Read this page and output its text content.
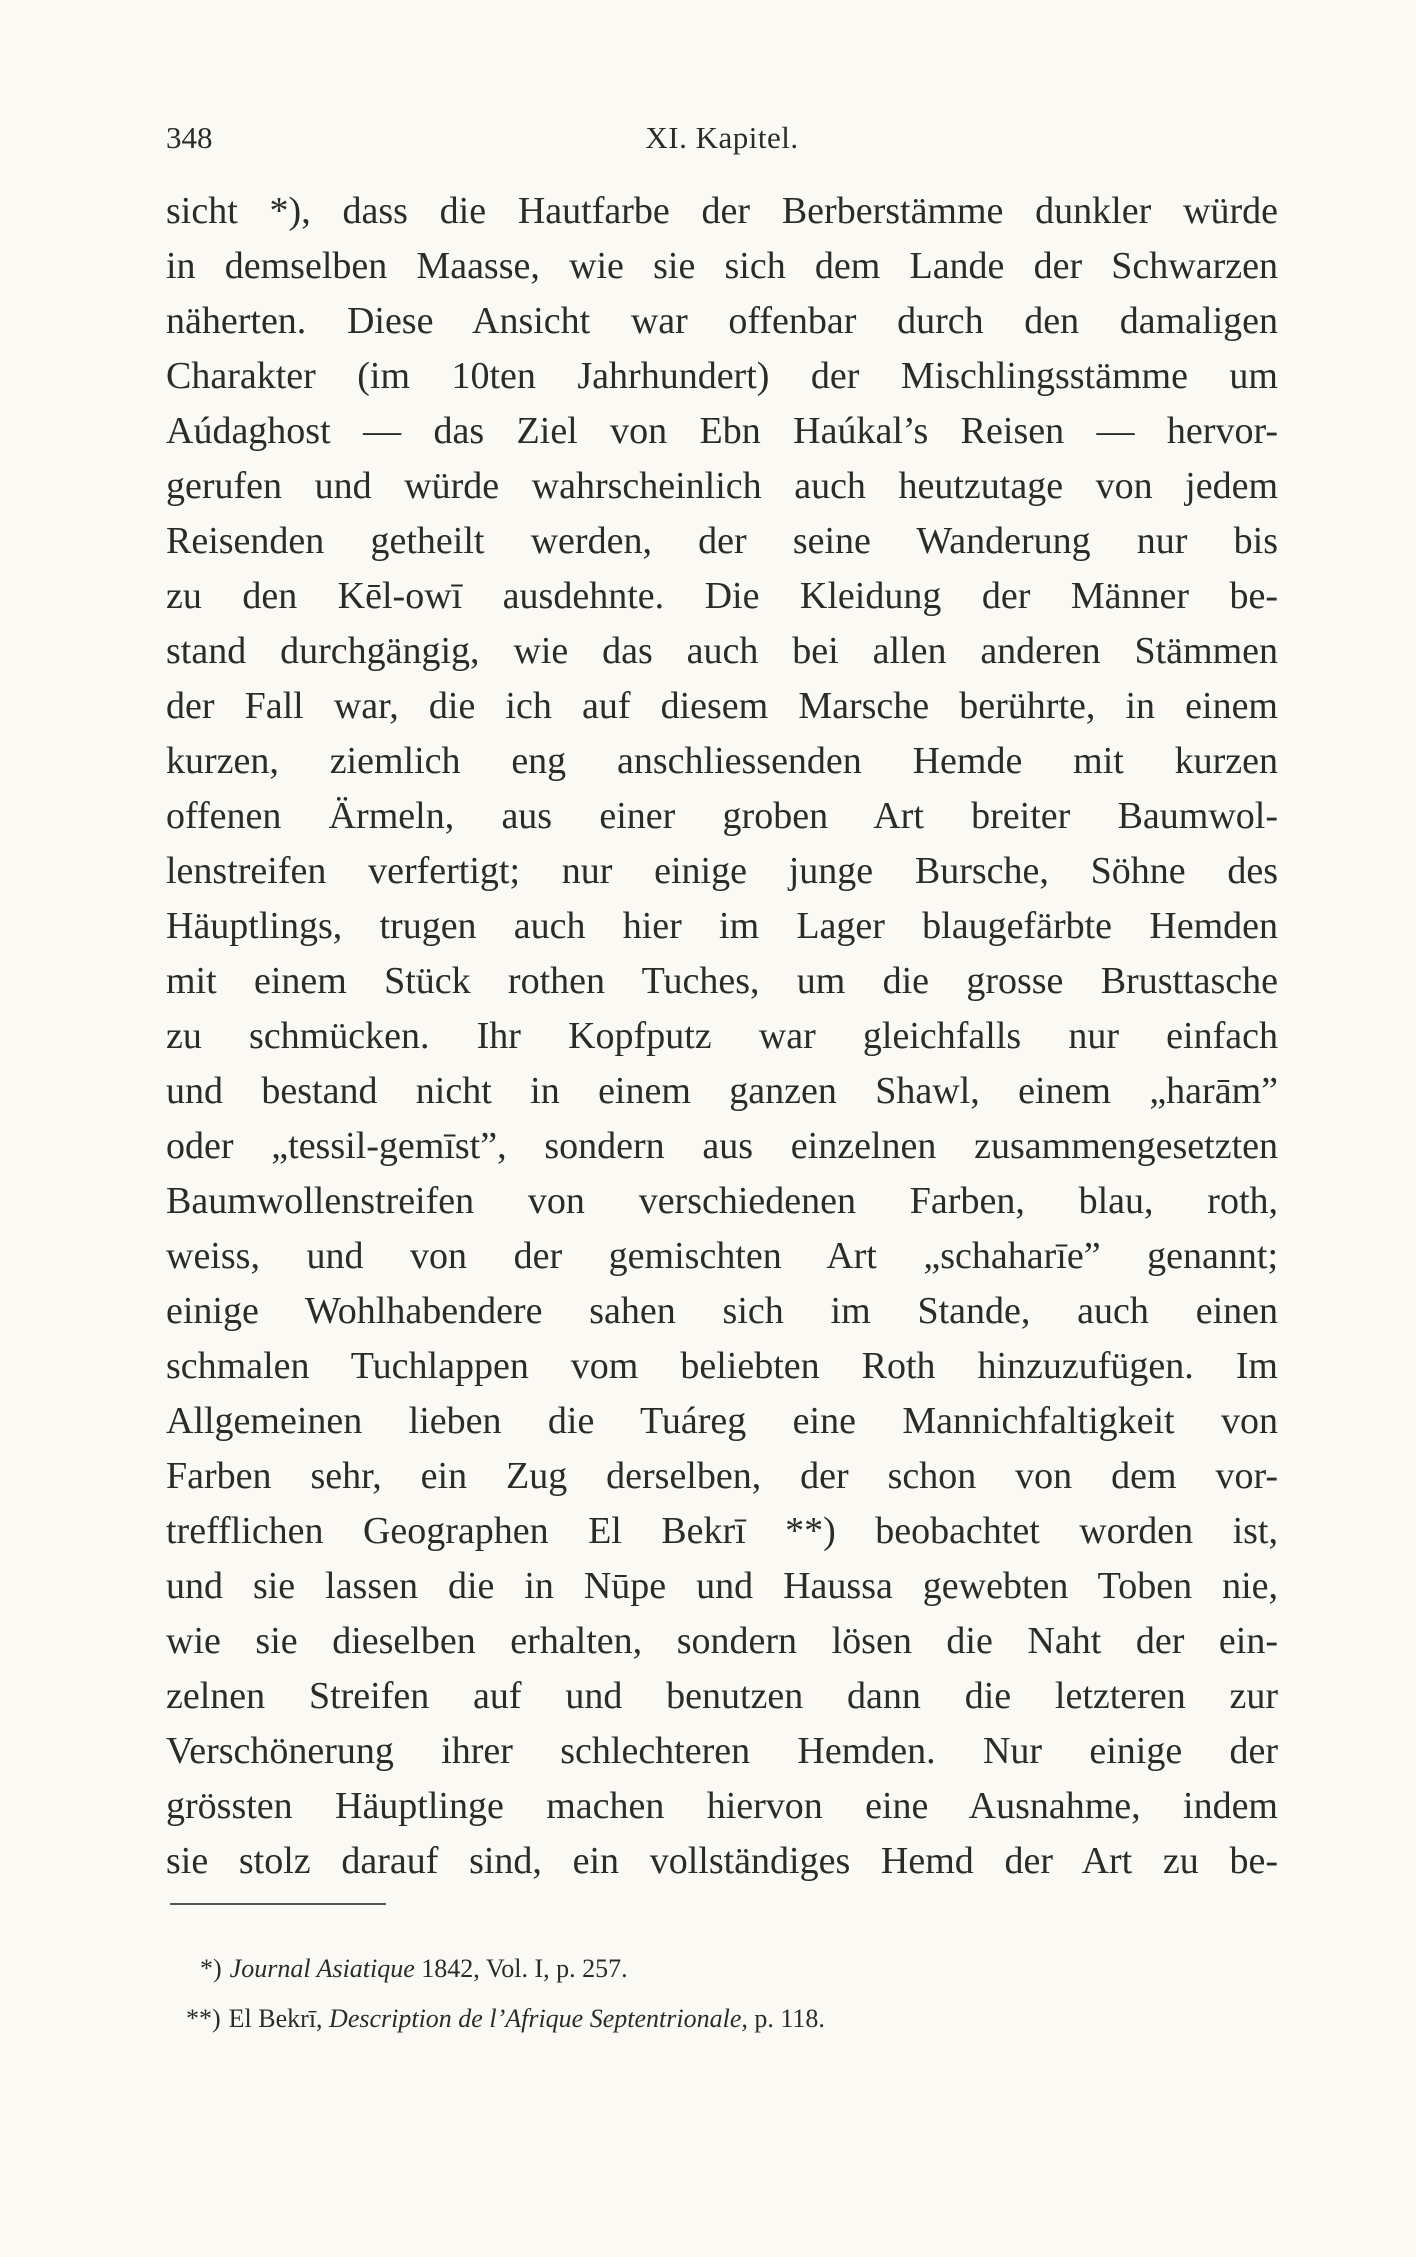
348	XI. Kapitel.
sicht *), dass die Hautfarbe der Berberstämme dunkler würde
in demselben Maasse, wie sie sich dem Lande der Schwarzen
näherten. Diese Ansicht war offenbar durch den damaligen
Charakter (im 10ten Jahrhundert) der Mischlingsstämme um
Aúdaghost — das Ziel von Ebn Haúkal’s Reisen — hervor-
gerufen und würde wahrscheinlich auch heutzutage von jedem
Reisenden getheilt werden, der seine Wanderung nur bis
zu den Kēl-owī ausdehnte. Die Kleidung der Männer be-
stand durchgängig, wie das auch bei allen anderen Stämmen
der Fall war, die ich auf diesem Marsche berührte, in einem
kurzen, ziemlich eng anschliessenden Hemde mit kurzen
offenen Ärmeln, aus einer groben Art breiter Baumwol-
lenstreifen verfertigt; nur einige junge Bursche, Söhne des
Häuptlings, trugen auch hier im Lager blaugefärbte Hemden
mit einem Stück rothen Tuches, um die grosse Brusttasche
zu schmücken. Ihr Kopfputz war gleichfalls nur einfach
und bestand nicht in einem ganzen Shawl, einem „harām”
oder „tessil-gemīst”, sondern aus einzelnen zusammengesetzten
Baumwollenstreifen von verschiedenen Farben, blau, roth,
weiss, und von der gemischten Art „schaharīe” genannt;
einige Wohlhabendere sahen sich im Stande, auch einen
schmalen Tuchlappen vom beliebten Roth hinzuzufügen. Im
Allgemeinen lieben die Tuáreg eine Mannichfaltigkeit von
Farben sehr, ein Zug derselben, der schon von dem vor-
trefflichen Geographen El Bekrī **) beobachtet worden ist,
und sie lassen die in Nūpe und Haussa gewebten Toben nie,
wie sie dieselben erhalten, sondern lösen die Naht der ein-
zelnen Streifen auf und benutzen dann die letzteren zur
Verschönerung ihrer schlechteren Hemden. Nur einige der
grössten Häuptlinge machen hiervon eine Ausnahme, indem
sie stolz darauf sind, ein vollständiges Hemd der Art zu be-
*) Journal Asiatique 1842, Vol. I, p. 257.
**) El Bekrī, Description de l’Afrique Septentrionale, p. 118.
